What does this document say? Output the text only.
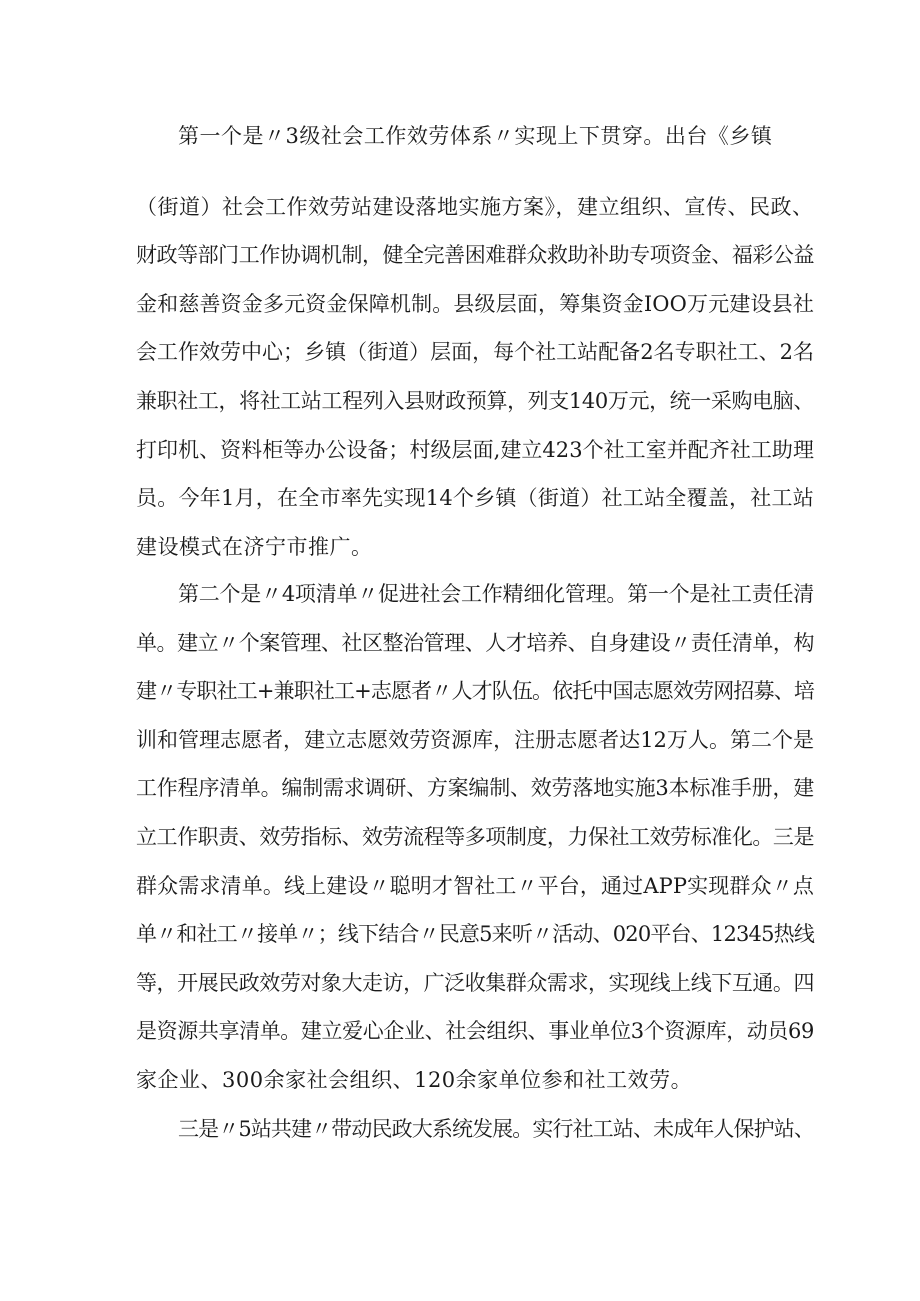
第一个是〃3级社会工作效劳体系〃实现上下贯穿。出台《乡镇
（街道）社会工作效劳站建设落地实施方案》，建立组织、宣传、民政、
财政等部门工作协调机制，健全完善困难群众救助补助专项资金、福彩公益
金和慈善资金多元资金保障机制。县级层面，筹集资金IOO万元建设县社
会工作效劳中心；乡镇（街道）层面，每个社工站配备2名专职社工、2名
兼职社工，将社工站工程列入县财政预算，列支140万元，统一采购电脑、
打印机、资料柜等办公设备；村级层面,建立423个社工室并配齐社工助理
员。今年1月，在全市率先实现14个乡镇（街道）社工站全覆盖，社工站
建设模式在济宁市推广。
第二个是〃4项清单〃促进社会工作精细化管理。第一个是社工责任清
单。建立〃个案管理、社区整治管理、人才培养、自身建设〃责任清单，构
建〃专职社工+兼职社工+志愿者〃人才队伍。依托中国志愿效劳网招募、培
训和管理志愿者，建立志愿效劳资源库，注册志愿者达12万人。第二个是
工作程序清单。编制需求调研、方案编制、效劳落地实施3本标准手册，建
立工作职责、效劳指标、效劳流程等多项制度，力保社工效劳标准化。三是
群众需求清单。线上建设〃聪明才智社工〃平台，通过APP实现群众〃点
单〃和社工〃接单〃；线下结合〃民意5来听〃活动、020平台、12345热线
等，开展民政效劳对象大走访，广泛收集群众需求，实现线上线下互通。四
是资源共享清单。建立爱心企业、社会组织、事业单位3个资源库，动员69
家企业、300余家社会组织、120余家单位参和社工效劳。
三是〃5站共建〃带动民政大系统发展。实行社工站、未成年人保护站、
